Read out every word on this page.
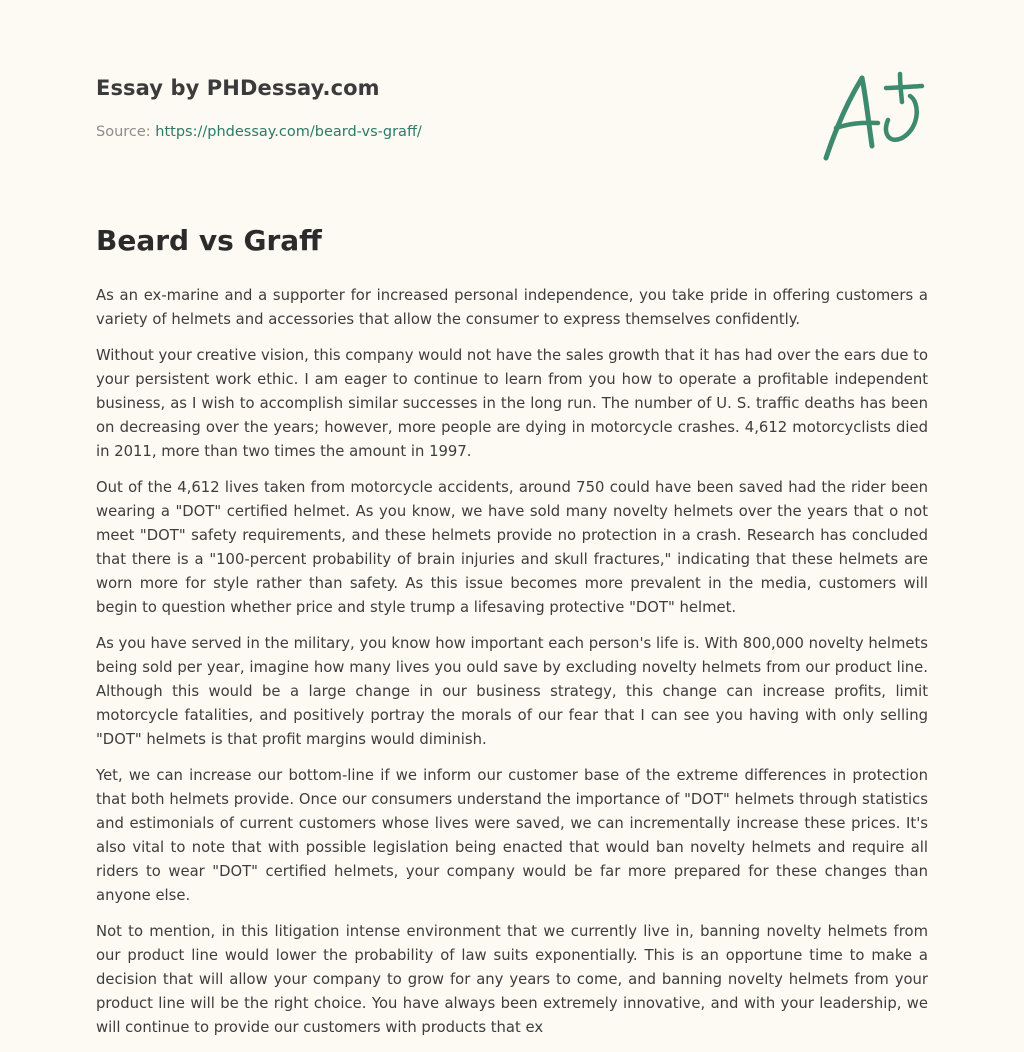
Essay by PHDessay.com
Source: https://phdessay.com/beard-vs-graff/
Beard vs Graff

As an ex-marine and a supporter for increased personal independence, you take pride in offering customers a variety of helmets and accessories that allow the consumer to express themselves confidently.

Without your creative vision, this company would not have the sales growth that it has had over the ears due to your persistent work ethic. I am eager to continue to learn from you how to operate a profitable independent business, as I wish to accomplish similar successes in the long run. The number of U. S. traffic deaths has been on decreasing over the years; however, more people are dying in motorcycle crashes. 4,612 motorcyclists died in 2011, more than two times the amount in 1997.

Out of the 4,612 lives taken from motorcycle accidents, around 750 could have been saved had the rider been wearing a "DOT" certified helmet. As you know, we have sold many novelty helmets over the years that o not meet "DOT" safety requirements, and these helmets provide no protection in a crash. Research has concluded that there is a "100-percent probability of brain injuries and skull fractures," indicating that these helmets are worn more for style rather than safety. As this issue becomes more prevalent in the media, customers will begin to question whether price and style trump a lifesaving protective "DOT" helmet.

As you have served in the military, you know how important each person's life is. With 800,000 novelty helmets being sold per year, imagine how many lives you ould save by excluding novelty helmets from our product line. Although this would be a large change in our business strategy, this change can increase profits, limit motorcycle fatalities, and positively portray the morals of our fear that I can see you having with only selling "DOT" helmets is that profit margins would diminish.

Yet, we can increase our bottom-line if we inform our customer base of the extreme differences in protection that both helmets provide. Once our consumers understand the importance of "DOT" helmets through statistics and estimonials of current customers whose lives were saved, we can incrementally increase these prices. It's also vital to note that with possible legislation being enacted that would ban novelty helmets and require all riders to wear "DOT" certified helmets, your company would be far more prepared for these changes than anyone else.

Not to mention, in this litigation intense environment that we currently live in, banning novelty helmets from our product line would lower the probability of law suits exponentially. This is an opportune time to make a decision that will allow your company to grow for any years to come, and banning novelty helmets from your product line will be the right choice. You have always been extremely innovative, and with your leadership, we will continue to provide our customers with products that ex
